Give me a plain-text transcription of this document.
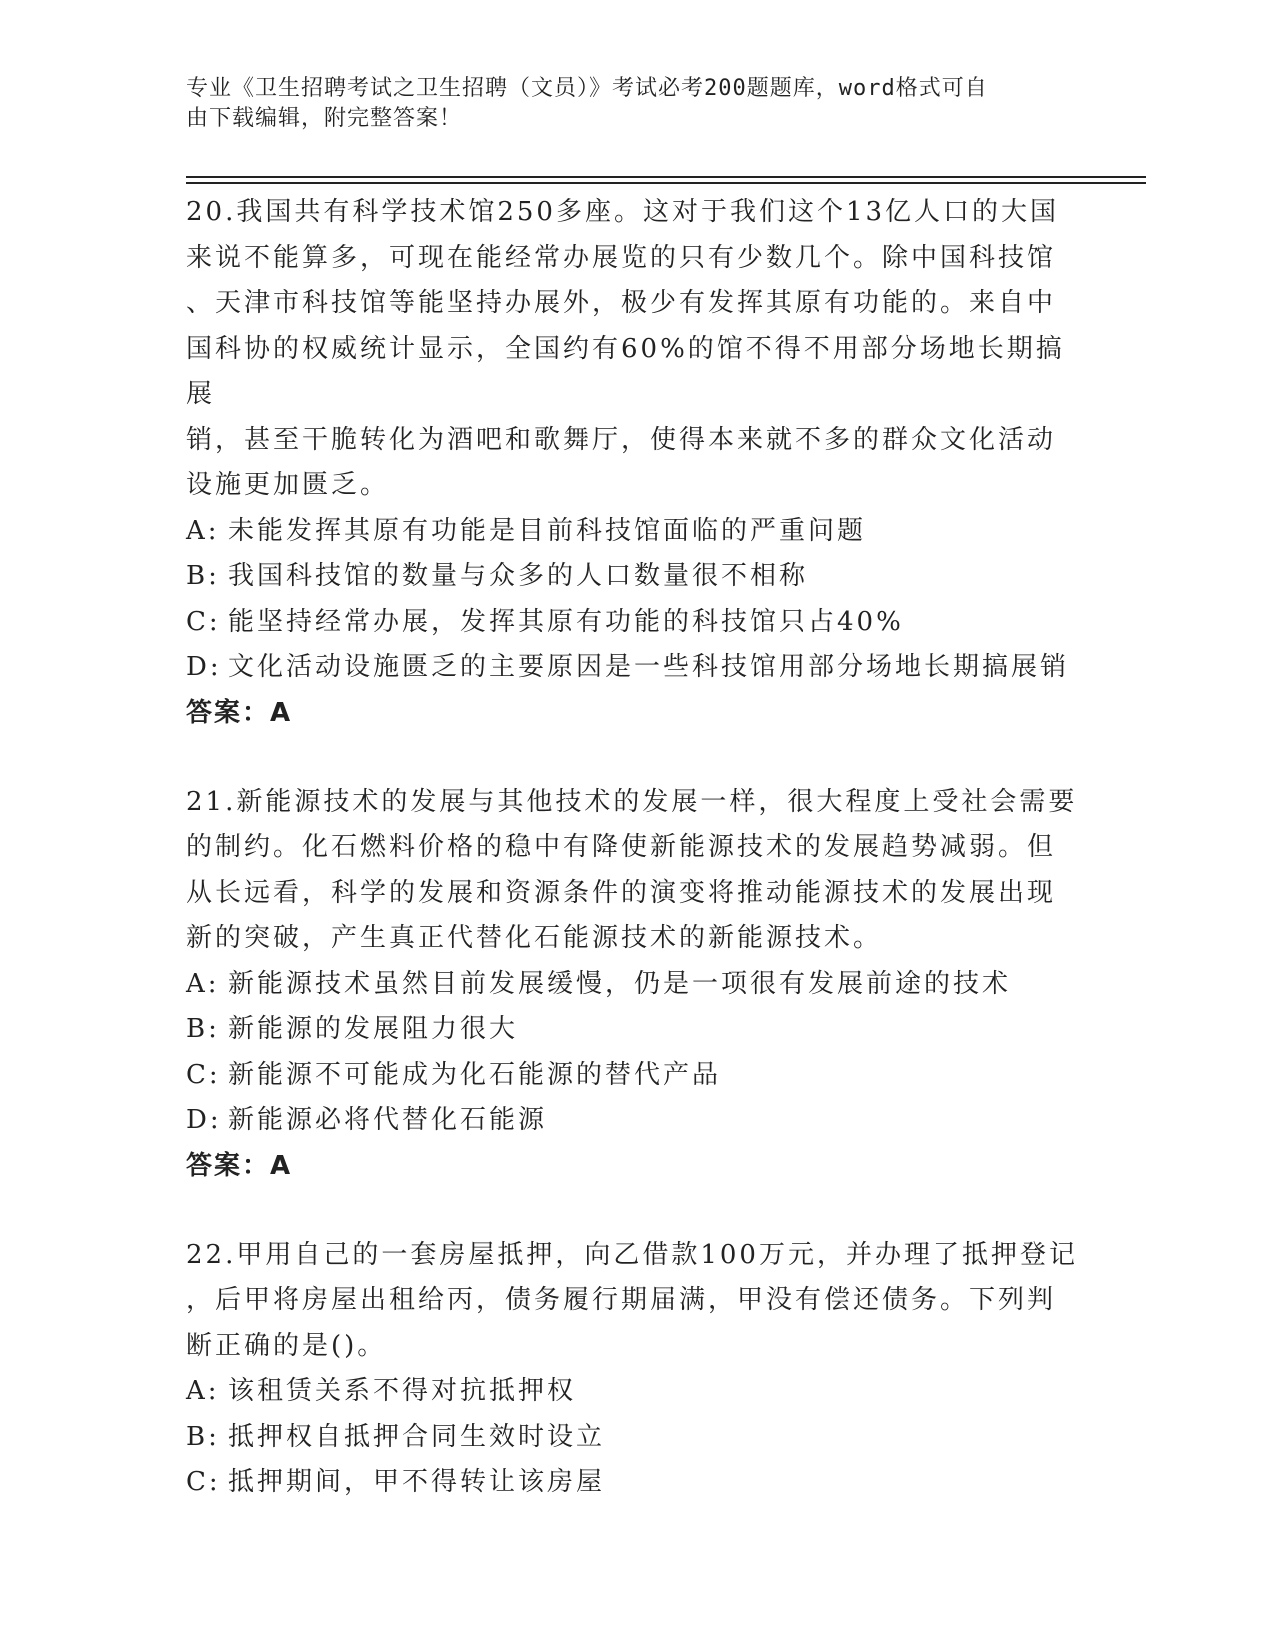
专业《卫生招聘考试之卫生招聘（文员）》考试必考200题题库，word格式可自
由下载编辑，附完整答案！
20.我国共有科学技术馆250多座。这对于我们这个13亿人口的大国
来说不能算多，可现在能经常办展览的只有少数几个。除中国科技馆
、天津市科技馆等能坚持办展外，极少有发挥其原有功能的。来自中
国科协的权威统计显示，全国约有60%的馆不得不用部分场地长期搞展
销，甚至干脆转化为酒吧和歌舞厅，使得本来就不多的群众文化活动
设施更加匮乏。
A: 未能发挥其原有功能是目前科技馆面临的严重问题
B: 我国科技馆的数量与众多的人口数量很不相称
C: 能坚持经常办展，发挥其原有功能的科技馆只占40%
D: 文化活动设施匮乏的主要原因是一些科技馆用部分场地长期搞展销
答案：A
21.新能源技术的发展与其他技术的发展一样，很大程度上受社会需要
的制约。化石燃料价格的稳中有降使新能源技术的发展趋势减弱。但
从长远看，科学的发展和资源条件的演变将推动能源技术的发展出现
新的突破，产生真正代替化石能源技术的新能源技术。
A: 新能源技术虽然目前发展缓慢，仍是一项很有发展前途的技术
B: 新能源的发展阻力很大
C: 新能源不可能成为化石能源的替代产品
D: 新能源必将代替化石能源
答案：A
22.甲用自己的一套房屋抵押，向乙借款100万元，并办理了抵押登记
，后甲将房屋出租给丙，债务履行期届满，甲没有偿还债务。下列判
断正确的是()。
A: 该租赁关系不得对抗抵押权
B: 抵押权自抵押合同生效时设立
C: 抵押期间，甲不得转让该房屋
